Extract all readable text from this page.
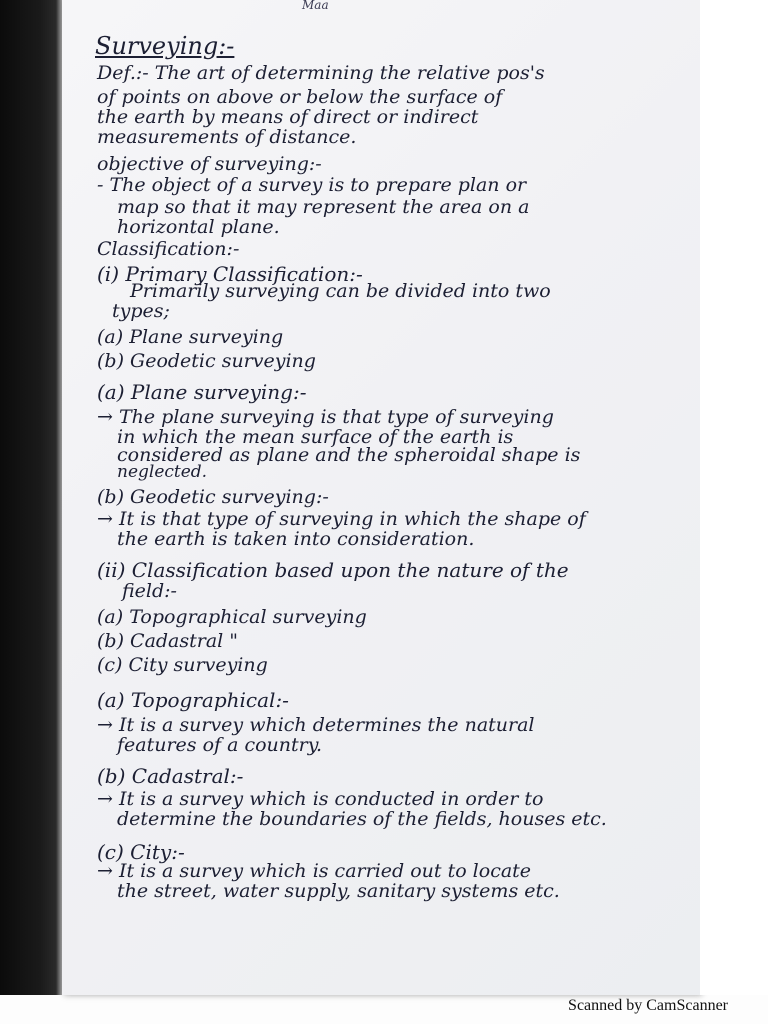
Maa
Surveying:-
Def.:- The art of determining the relative pos's
of points on above or below the surface of
the earth by means of direct or indirect
measurements of distance.
objective of surveying:-
- The object of a survey is to prepare plan or
map so that it may represent the area on a
horizontal plane.
Classification:-
(i) Primary Classification:-
Primarily surveying can be divided into two
types;
(a) Plane surveying
(b) Geodetic surveying
(a) Plane surveying:-
→ The plane surveying is that type of surveying
in which the mean surface of the earth is
considered as plane and the spheroidal shape is
neglected.
(b) Geodetic surveying:-
→ It is that type of surveying in which the shape of
the earth is taken into consideration.
(ii) Classification based upon the nature of the
field:-
(a) Topographical surveying
(b) Cadastral "
(c) City surveying
(a) Topographical:-
→ It is a survey which determines the natural
features of a country.
(b) Cadastral:-
→ It is a survey which is conducted in order to
determine the boundaries of the fields, houses etc.
(c) City:-
→ It is a survey which is carried out to locate
the street, water supply, sanitary systems etc.
Scanned by CamScanner
